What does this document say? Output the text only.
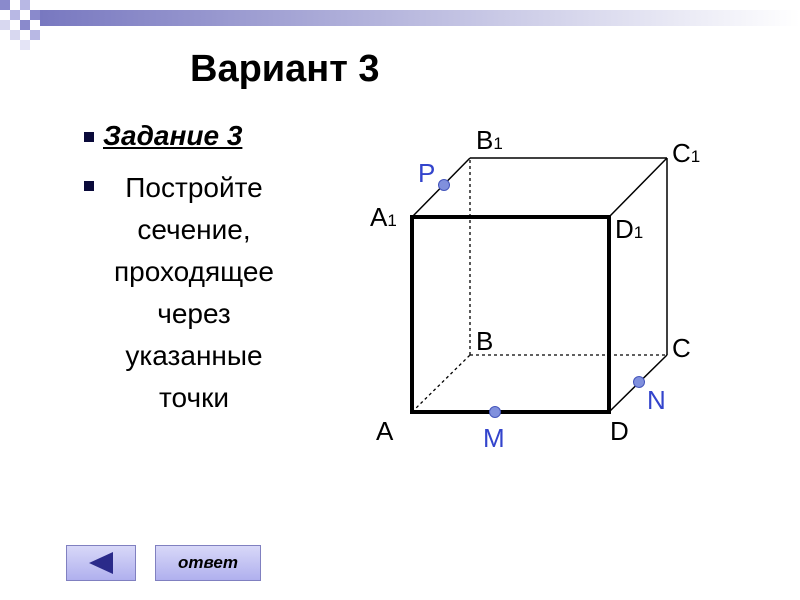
Вариант 3
Задание 3
Постройте
сечение,
проходящее
через
указанные
точки
B1	C1
A1	D1
B	C
A	D
P
M
N
ответ
